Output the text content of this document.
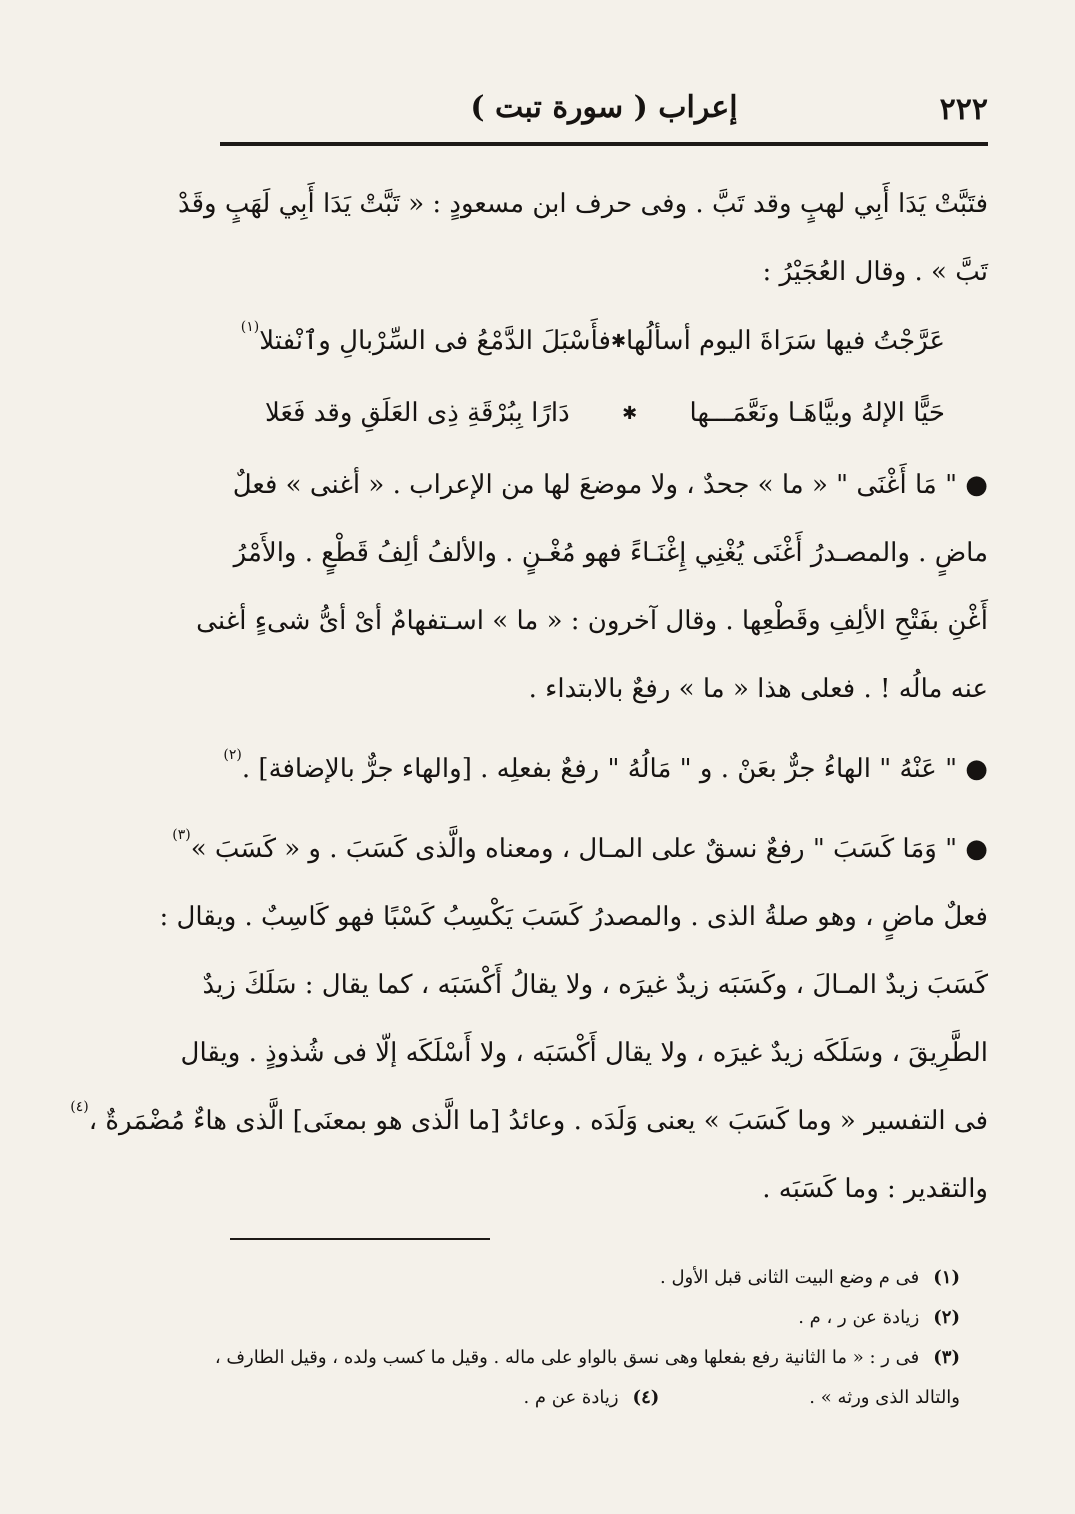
٢٢٢
إعراب ( سورة تبت )
فتَبَّتْ يَدَا أَبِي لهبٍ وقد تَبَّ . وفى حرف ابن مسعودٍ : « تَبَّتْ يَدَا أَبِي لَهَبٍ وقَدْ
تَبَّ » . وقال العُجَيْرُ :
عَرَّجْتُ فيها سَرَاةَ اليوم أسألُها
✱
فأَسْبَلَ الدَّمْعُ فى السِّرْبالِ وٱنْفتلا$^{(١)}$
حَيًّا الإلهُ وبيَّاهَـا ونَعَّمَـــها
✱
دَارًا بِبُرْقَةِ ذِى العَلَقِ وقد فَعَلا
● " مَا أَغْنَى " « ما » جحدٌ ، ولا موضعَ لها من الإعراب . « أغنى » فعلٌ
ماضٍ . والمصـدرُ أَغْنَى يُغْنِي إِغْنَـاءً فهو مُغْـنٍ . والألفُ ألِفُ قَطْعٍ . والأَمْرُ
أَغْنِ بفَتْحِ الألِفِ وقَطْعِها . وقال آخرون : « ما » اسـتفهامٌ أىْ أىُّ شىءٍ أغنى
عنه مالُه ! . فعلى هذا « ما » رفعٌ بالابتداء .
● " عَنْهُ " الهاءُ جرٌّ بعَنْ . و " مَالُهُ " رفعٌ بفعلِه . [والهاء جرٌّ بالإضافة] .$^{(٢)}$
● " وَمَا كَسَبَ " رفعٌ نسقٌ على المـال ، ومعناه والَّذى كَسَبَ . و « كَسَبَ »$^{(٣)}$
فعلٌ ماضٍ ، وهو صلةُ الذى . والمصدرُ كَسَبَ يَكْسِبُ كَسْبًا فهو كَاسِبٌ . ويقال :
كَسَبَ زيدٌ المـالَ ، وكَسَبَه زيدٌ غيرَه ، ولا يقالُ أَكْسَبَه ، كما يقال : سَلَكَ زيدٌ
الطَّرِيقَ ، وسَلَكَه زيدٌ غيرَه ، ولا يقال أَكْسَبَه ، ولا أَسْلَكَه إلّا فى شُذوذٍ . ويقال
فى التفسير « وما كَسَبَ » يعنى وَلَدَه . وعائدُ [ما الَّذى هو بمعنَى] الَّذى هاءٌ مُضْمَرةٌ ،$^{(٤)}$
والتقدير : وما كَسَبَه .
(١)فى م وضع البيت الثانى قبل الأول .
(٢)زيادة عن ر ، م .
(٣)فى ر : « ما الثانية رفع بفعلها وهى نسق بالواو على ماله . وقيل ما كسب ولده ، وقيل الطارف ،
والتالد الذى ورثه » .(٤)زيادة عن م .
